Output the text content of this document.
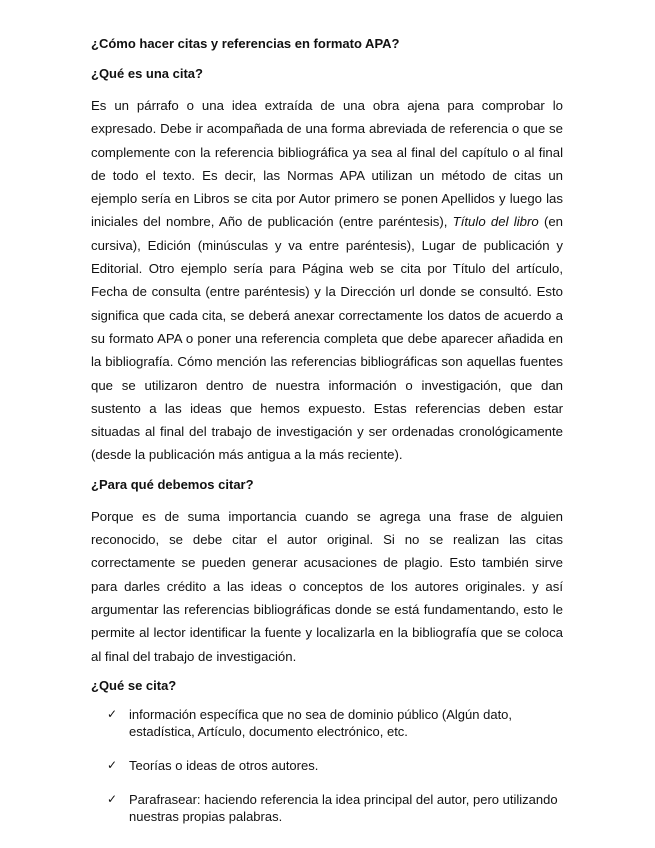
¿Cómo hacer citas y referencias en formato APA?
¿Qué es una cita?

Es un párrafo o una idea extraída de una obra ajena para comprobar lo expresado. Debe ir acompañada de una forma abreviada de referencia o que se complemente con la referencia bibliográfica ya sea al final del capítulo o al final de todo el texto. Es decir, las Normas APA utilizan un método de citas un ejemplo sería en Libros se cita por Autor primero se ponen Apellidos y luego las iniciales del nombre, Año de publicación (entre paréntesis), Título del libro (en cursiva), Edición (minúsculas y va entre paréntesis), Lugar de publicación y Editorial. Otro ejemplo sería para Página web se cita por Título del artículo, Fecha de consulta (entre paréntesis) y la Dirección url donde se consultó. Esto significa que cada cita, se deberá anexar correctamente los datos de acuerdo a su formato APA o poner una referencia completa que debe aparecer añadida en la bibliografía. Cómo mención las referencias bibliográficas son aquellas fuentes que se utilizaron dentro de nuestra información o investigación, que dan sustento a las ideas que hemos expuesto. Estas referencias deben estar situadas al final del trabajo de investigación y ser ordenadas cronológicamente (desde la publicación más antigua a la más reciente).

¿Para qué debemos citar?

Porque es de suma importancia cuando se agrega una frase de alguien reconocido, se debe citar el autor original. Si no se realizan las citas correctamente se pueden generar acusaciones de plagio. Esto también sirve para darles crédito a las ideas o conceptos de los autores originales. y así argumentar las referencias bibliográficas donde se está fundamentando, esto le permite al lector identificar la fuente y localizarla en la bibliografía que se coloca al final del trabajo de investigación.

¿Qué se cita?
✓ información específica que no sea de dominio público (Algún dato, estadística, Artículo, documento electrónico, etc.
✓ Teorías o ideas de otros autores.
✓ Parafrasear: haciendo referencia la idea principal del autor, pero utilizando nuestras propias palabras.
